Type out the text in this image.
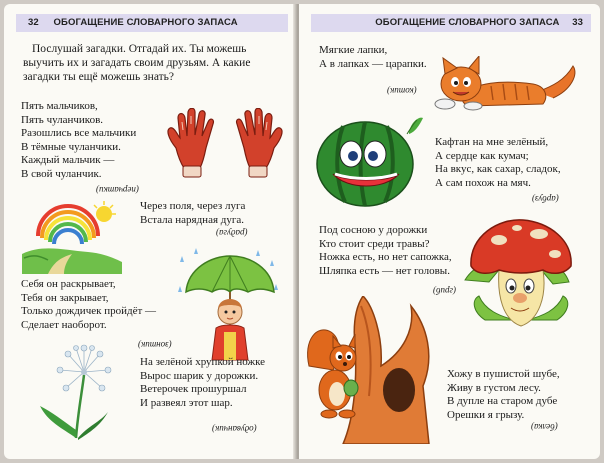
32 ОБОГАЩЕНИЕ СЛОВАРНОГО ЗАПАСА
Послушай загадки. Отгадай их. Ты можешь
выучить их и загадать своим друзьям. А какие
загадки ты ещё можешь знать?
Пять мальчиков,
Пять чуланчиков.
Разошлись все мальчики
В тёмные чуланчики.
Каждый мальчик —
В свой чуланчик.
(перчатки)
Через поля, через луга
Встала нарядная дуга.
(радуга)
Себя он раскрывает,
Тебя он закрывает,
Только дождичек пройдёт —
Сделает наоборот.
(зонтик)
На зелёной хрупкой ножке
Вырос шарик у дорожки.
Ветерочек прошуршал
И развеял этот шар.
(одуванчик)
ОБОГАЩЕНИЕ СЛОВАРНОГО ЗАПАСА 33
Мягкие лапки,
А в лапках — царапки.
(котик)
Кафтан на мне зелёный,
А сердце как кумач;
На вкус, как сахар, сладок,
А сам похож на мяч.
(арбуз)
Под сосною у дорожки
Кто стоит среди травы?
Ножка есть, но нет сапожка,
Шляпка есть — нет головы.
(гриб)
Хожу в пушистой шубе,
Живу в густом лесу.
В дупле на старом дубе
Орешки я грызу.
(белка)
